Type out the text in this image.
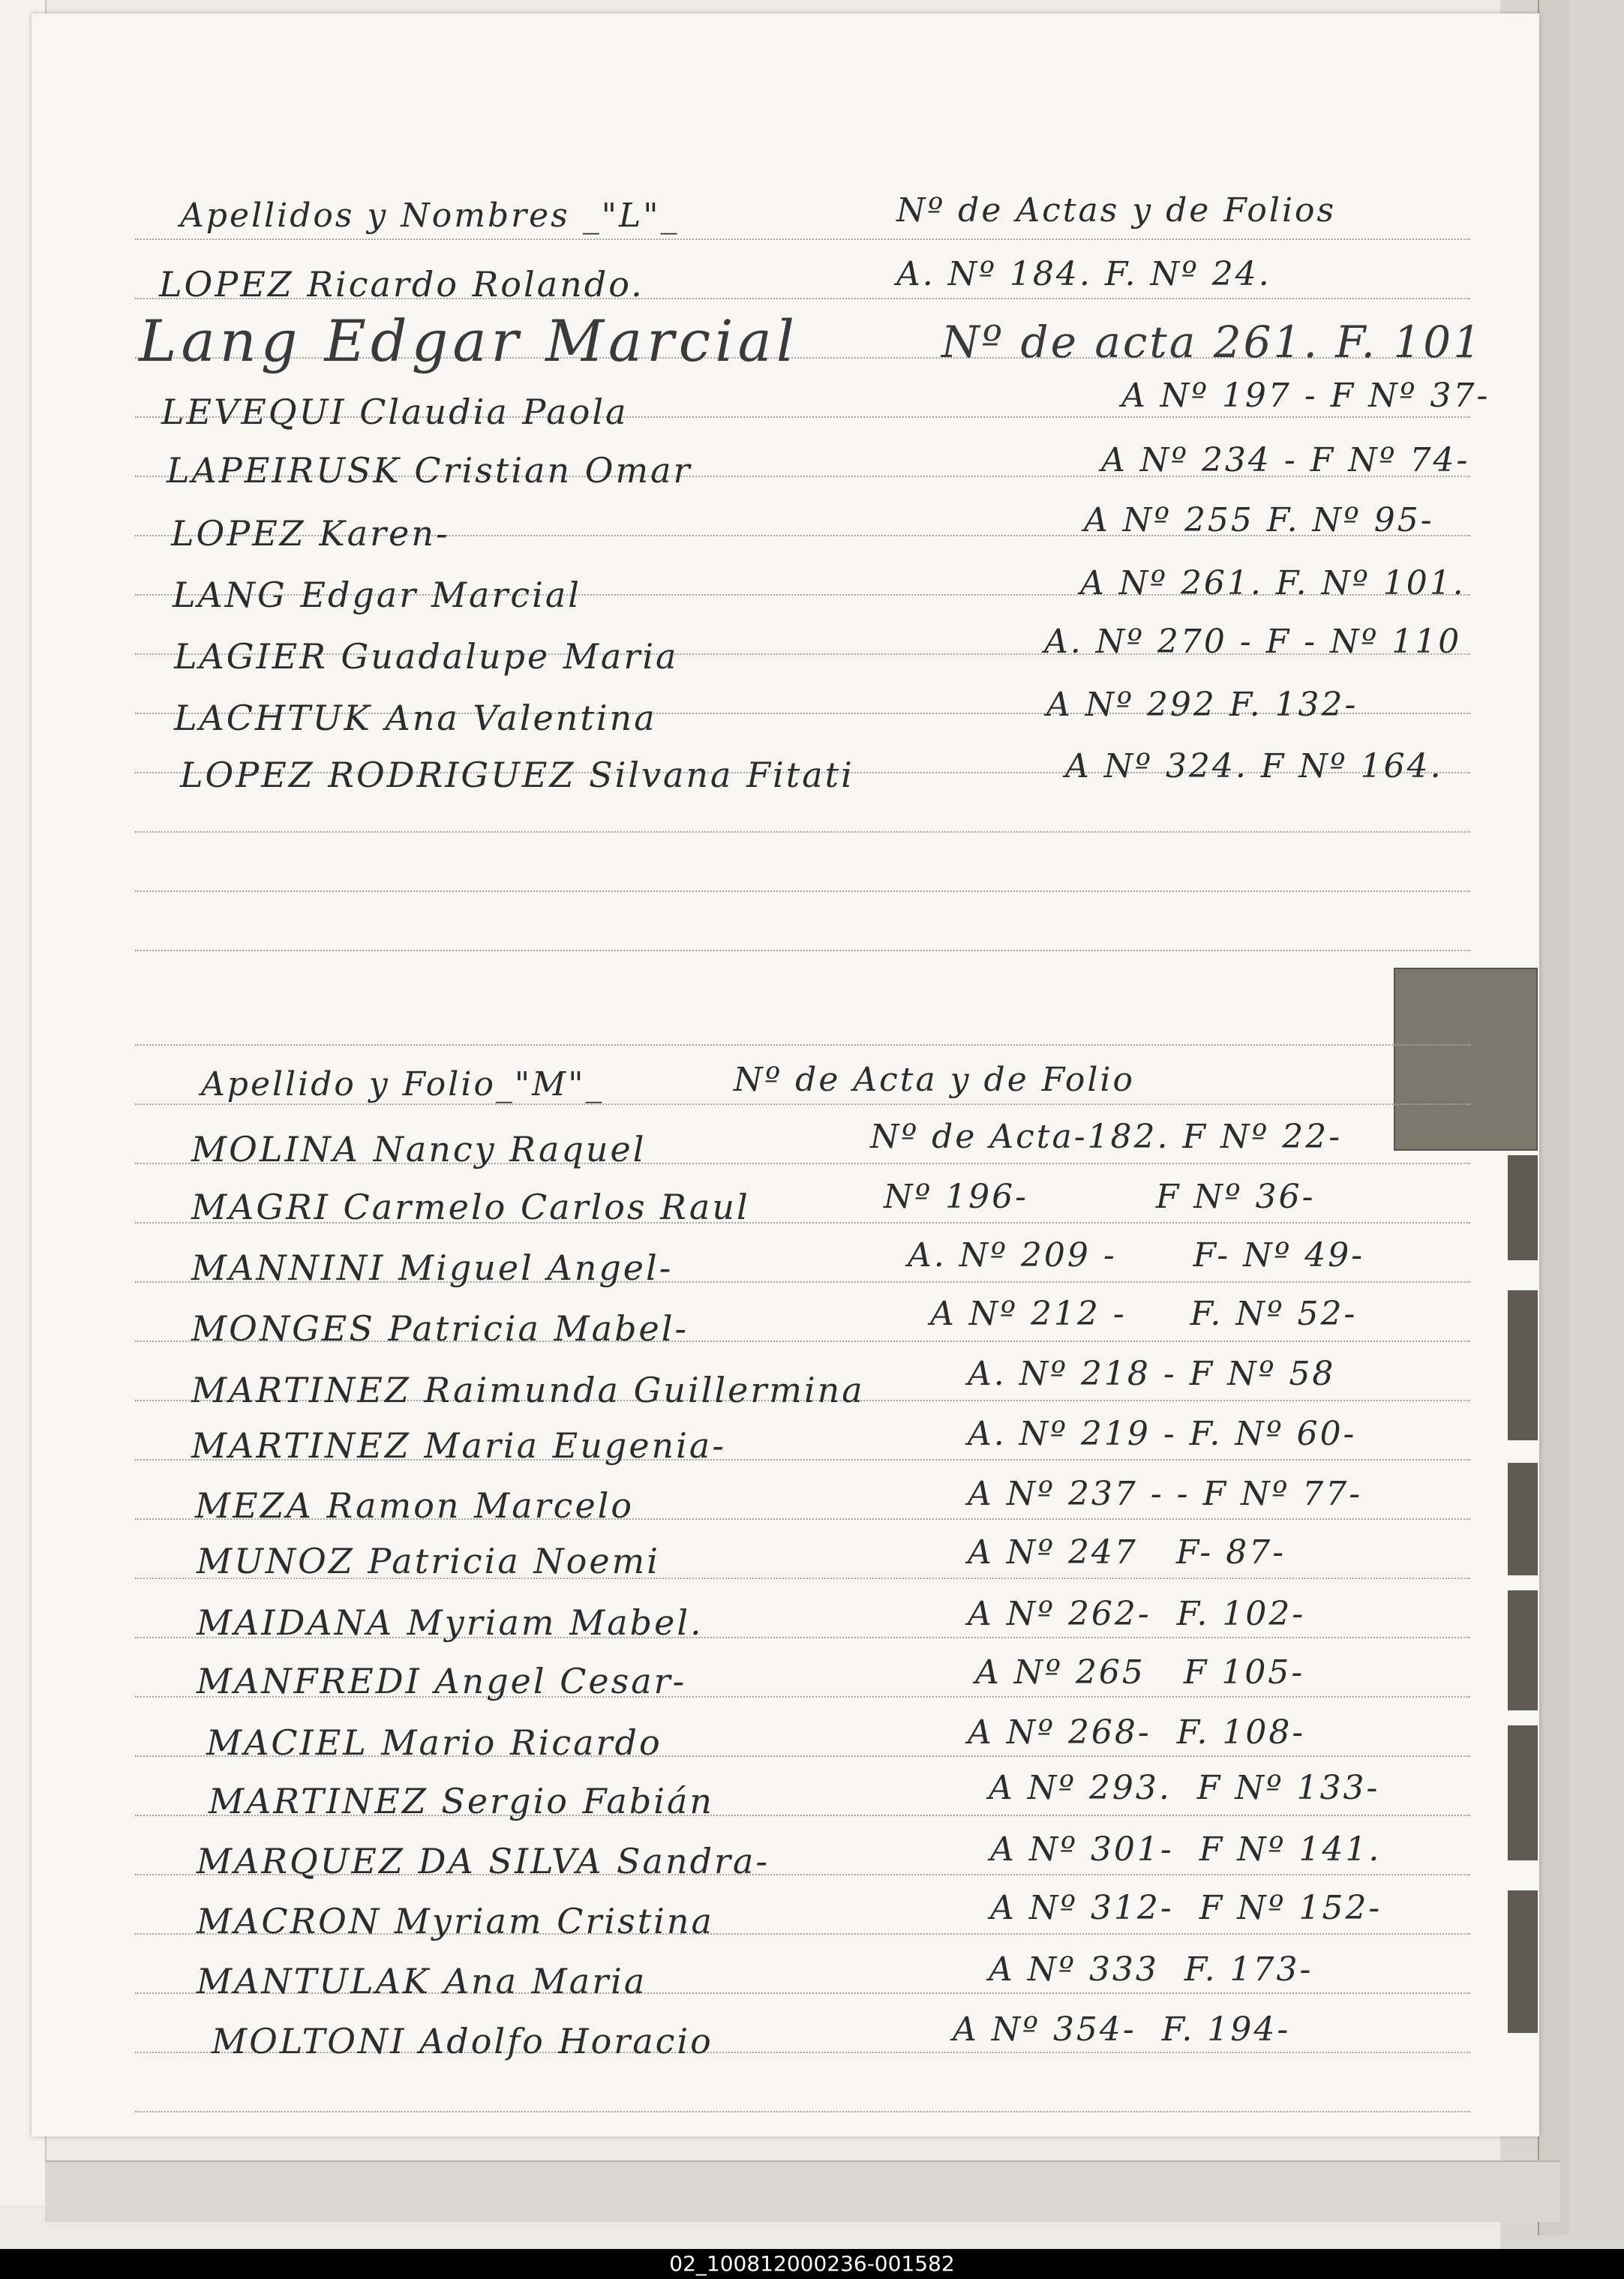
Apellidos y Nombres _"L"_	Nº de Actas y de Folios
LOPEZ Ricardo Rolando.	A. Nº 184. F. Nº 24.
Lang Edgar Marcial	Nº de acta 261. F. 101
LEVEQUI Claudia Paola	A Nº 197 - F Nº 37-
LAPEIRUSK Cristian Omar	A Nº 234 - F Nº 74-
LOPEZ Karen-	A Nº 255 F. Nº 95-
LANG Edgar Marcial	A Nº 261. F. Nº 101.
LAGIER Guadalupe Maria	A. Nº 270 - F - Nº 110
LACHTUK Ana Valentina	A Nº 292 F. 132-
LOPEZ RODRIGUEZ Silvana Fitati	A Nº 324. F Nº 164.
Apellido y Folio_"M"_	Nº de Acta y de Folio
MOLINA Nancy Raquel	Nº de Acta-182. F Nº 22-
MAGRI Carmelo Carlos Raul	Nº 196-          F Nº 36-
MANNINI Miguel Angel-	A. Nº 209 -      F- Nº 49-
MONGES Patricia Mabel-	A Nº 212 -     F. Nº 52-
MARTINEZ Raimunda Guillermina	A. Nº 218 - F Nº 58
MARTINEZ Maria Eugenia-	A. Nº 219 - F. Nº 60-
MEZA Ramon Marcelo	A Nº 237 - - F Nº 77-
MUNOZ Patricia Noemi	A Nº 247   F- 87-
MAIDANA Myriam Mabel.	A Nº 262-  F. 102-
MANFREDI Angel Cesar-	A Nº 265   F 105-
MACIEL Mario Ricardo	A Nº 268-  F. 108-
MARTINEZ Sergio Fabián	A Nº 293.  F Nº 133-
MARQUEZ DA SILVA Sandra-	A Nº 301-  F Nº 141.
MACRON Myriam Cristina	A Nº 312-  F Nº 152-
MANTULAK Ana Maria	A Nº 333  F. 173-
MOLTONI Adolfo Horacio	A Nº 354-  F. 194-
02_100812000236-001582
